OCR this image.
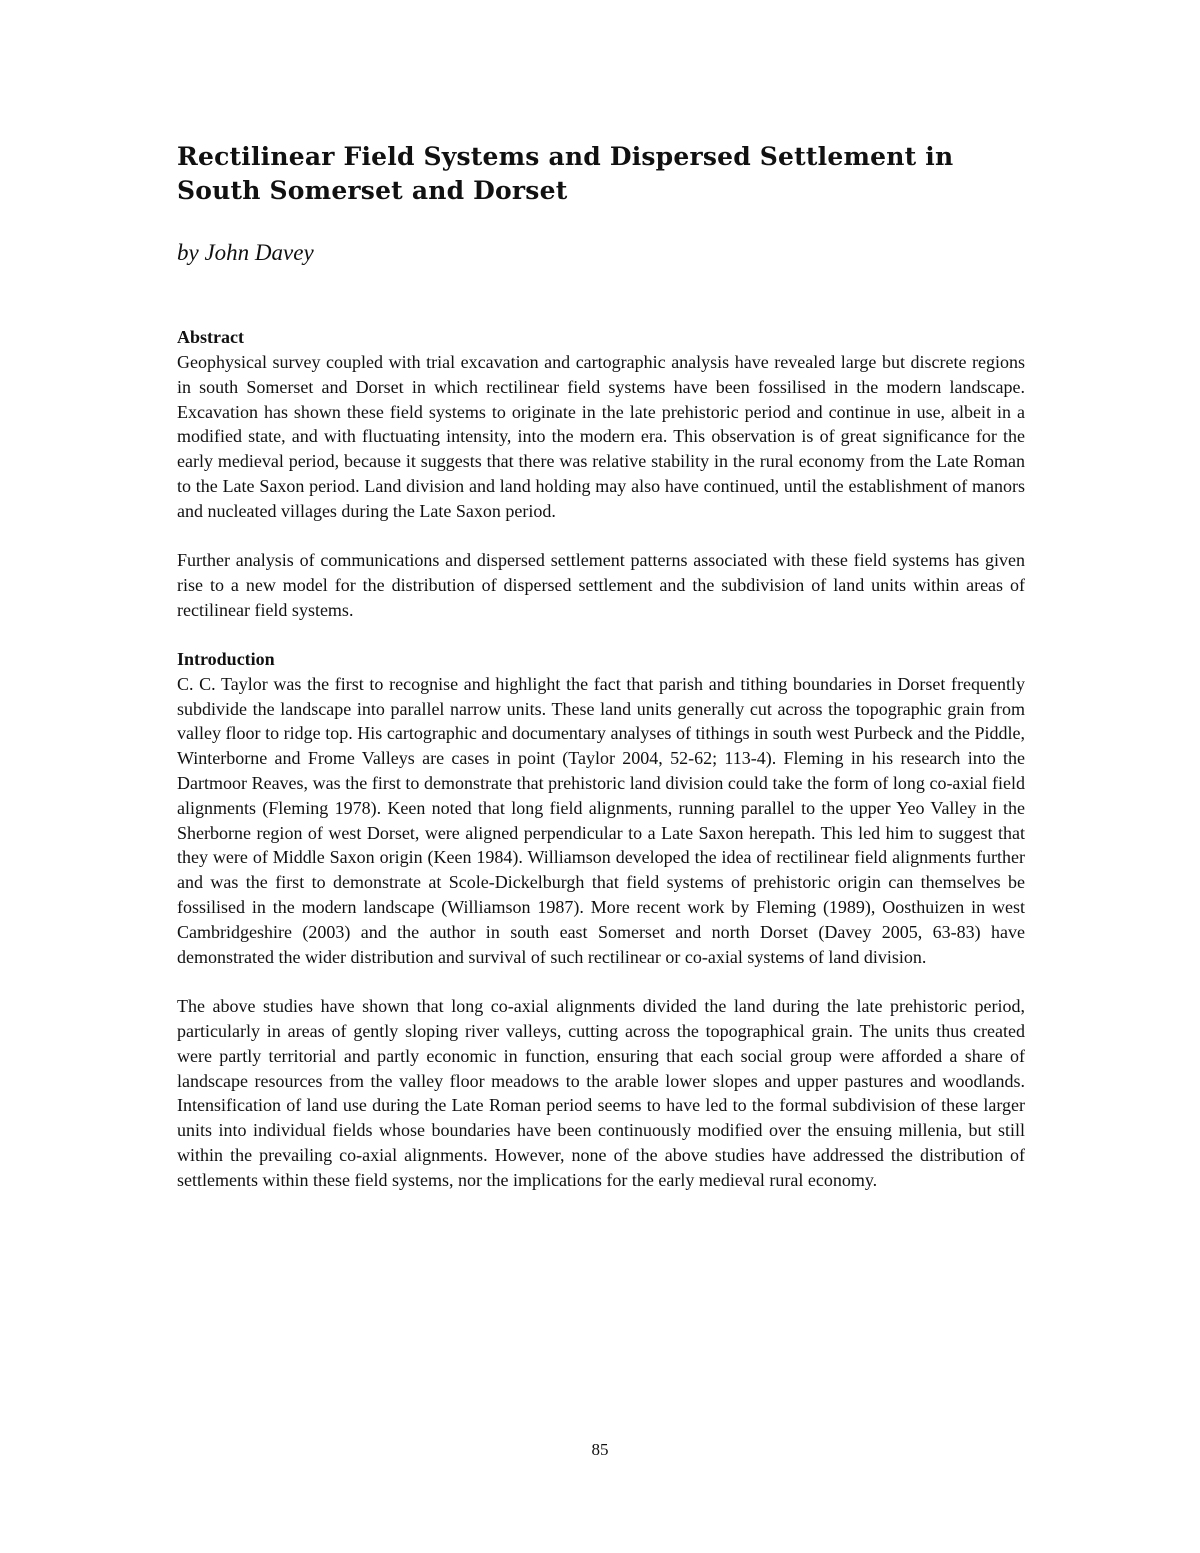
Rectilinear Field Systems and Dispersed Settlement in South Somerset and Dorset
by John Davey
Abstract

Geophysical survey coupled with trial excavation and cartographic analysis have revealed large but discrete regions in south Somerset and Dorset in which rectilinear field systems have been fossilised in the modern landscape. Excavation has shown these field systems to originate in the late prehistoric period and continue in use, albeit in a modified state, and with fluctuating intensity, into the modern era. This observation is of great significance for the early medieval period, because it suggests that there was relative stability in the rural economy from the Late Roman to the Late Saxon period. Land division and land holding may also have continued, until the establishment of manors and nucleated villages during the Late Saxon period.

Further analysis of communications and dispersed settlement patterns associated with these field systems has given rise to a new model for the distribution of dispersed settlement and the subdivision of land units within areas of rectilinear field systems.

Introduction

C. C. Taylor was the first to recognise and highlight the fact that parish and tithing boundaries in Dorset frequently subdivide the landscape into parallel narrow units. These land units generally cut across the topographic grain from valley floor to ridge top. His cartographic and documentary analyses of tithings in south west Purbeck and the Piddle, Winterborne and Frome Valleys are cases in point (Taylor 2004, 52-62; 113-4). Fleming in his research into the Dartmoor Reaves, was the first to demonstrate that prehistoric land division could take the form of long co-axial field alignments (Fleming 1978). Keen noted that long field alignments, running parallel to the upper Yeo Valley in the Sherborne region of west Dorset, were aligned perpendicular to a Late Saxon herepath. This led him to suggest that they were of Middle Saxon origin (Keen 1984). Williamson developed the idea of rectilinear field alignments further and was the first to demonstrate at Scole-Dickelburgh that field systems of prehistoric origin can themselves be fossilised in the modern landscape (Williamson 1987). More recent work by Fleming (1989), Oosthuizen in west Cambridgeshire (2003) and the author in south east Somerset and north Dorset (Davey 2005, 63-83) have demonstrated the wider distribution and survival of such rectilinear or co-axial systems of land division.

The above studies have shown that long co-axial alignments divided the land during the late prehistoric period, particularly in areas of gently sloping river valleys, cutting across the topographical grain. The units thus created were partly territorial and partly economic in function, ensuring that each social group were afforded a share of landscape resources from the valley floor meadows to the arable lower slopes and upper pastures and woodlands. Intensification of land use during the Late Roman period seems to have led to the formal subdivision of these larger units into individual fields whose boundaries have been continuously modified over the ensuing millenia, but still within the prevailing co-axial alignments. However, none of the above studies have addressed the distribution of settlements within these field systems, nor the implications for the early medieval rural economy.

85
